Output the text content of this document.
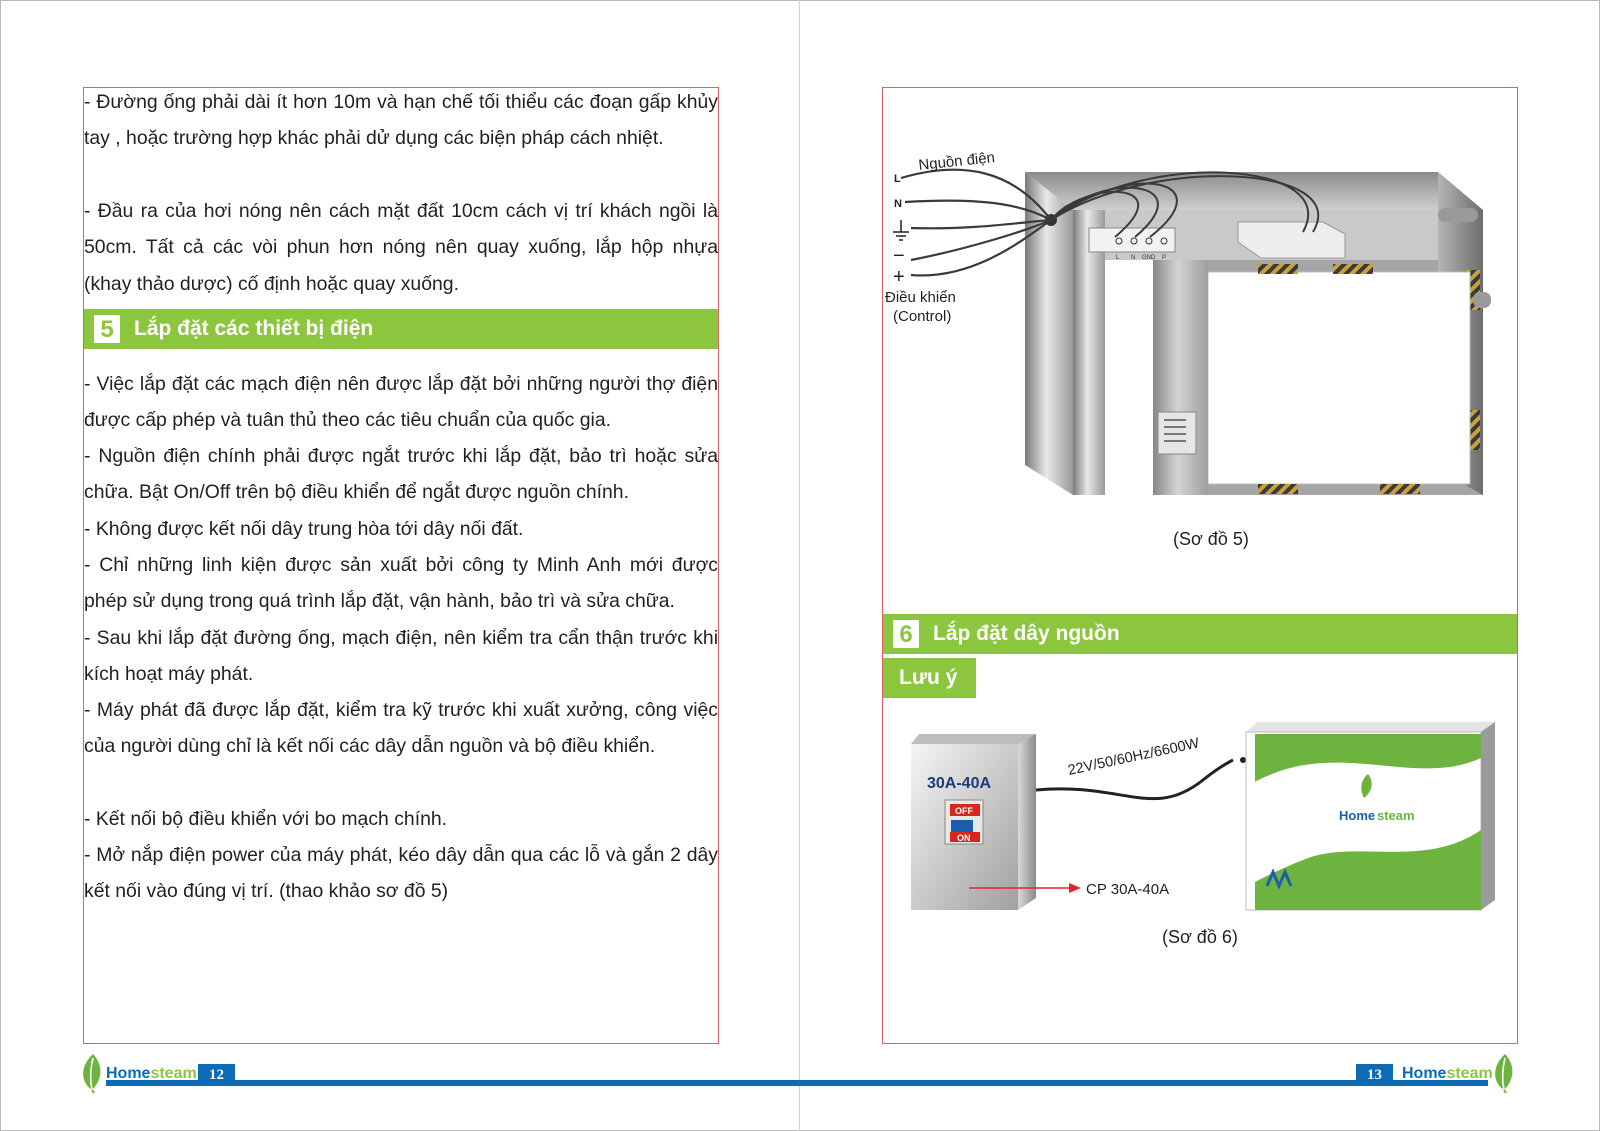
- Đường ống phải dài ít hơn 10m và hạn chế tối thiểu các đoạn gấp khủy tay , hoặc trường hợp khác phải dử dụng các biện pháp cách nhiệt.

- Đầu ra của hơi nóng nên cách mặt đất 10cm cách vị trí khách ngồi là 50cm. Tất cả các vòi phun hơn nóng nên quay xuống, lắp hộp nhựa (khay thảo dược) cố định hoặc quay xuống.

5 Lắp đặt các thiết bị điện

- Việc lắp đặt các mạch điện nên được lắp đặt bởi những người thợ điện được cấp phép và tuân thủ theo các tiêu chuẩn của quốc gia.

- Nguồn điện chính phải được ngắt trước khi lắp đặt, bảo trì hoặc sửa chữa. Bật On/Off trên bộ điều khiển để ngắt được nguồn chính.

- Không được kết nối dây trung hòa tới dây nối đất.

- Chỉ những linh kiện được sản xuất bởi công ty Minh Anh mới được phép sử dụng trong quá trình lắp đặt, vận hành, bảo trì và sửa chữa.

- Sau khi lắp đặt đường ống, mạch điện, nên kiểm tra cẩn thận trước khi kích hoạt máy phát.

- Máy phát đã được lắp đặt, kiểm tra kỹ trước khi xuất xưởng, công việc của người dùng chỉ là kết nối các dây dẫn nguồn và bộ điều khiển.

- Kết nối bộ điều khiển với bo mạch chính.

- Mở nắp điện power của máy phát, kéo dây dẫn qua các lỗ và gắn 2 dây kết nối vào đúng vị trí. (thao khảo sơ đồ 5)

L N GND P
Nguồn điện
L
N
−
+
Điều khiển
(Control)
(Sơ đồ 5)
6 Lắp đặt dây nguồn
Lưu ý
30A-40A
OFF
ON
22V/50/60Hz/6600W
CP 30A-40A
Home steam
(Sơ đồ 6)
Homesteam 12	13	Homesteam
